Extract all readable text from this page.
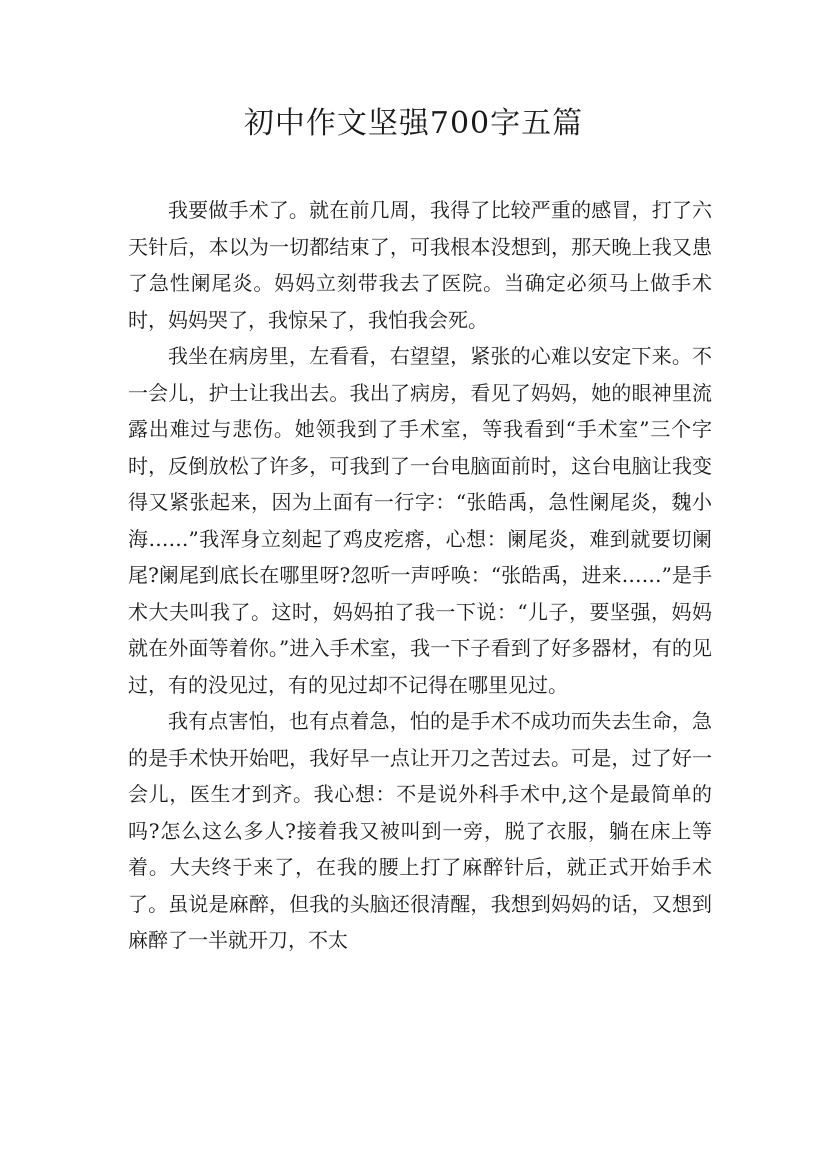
初中作文坚强700字五篇

我要做手术了。就在前几周，我得了比较严重的感冒，打了六天针后，本以为一切都结束了，可我根本没想到，那天晚上我又患了急性阑尾炎。妈妈立刻带我去了医院。当确定必须马上做手术时，妈妈哭了，我惊呆了，我怕我会死。

我坐在病房里，左看看，右望望，紧张的心难以安定下来。不一会儿，护士让我出去。我出了病房，看见了妈妈，她的眼神里流露出难过与悲伤。她领我到了手术室，等我看到“手术室”三个字时，反倒放松了许多，可我到了一台电脑面前时，这台电脑让我变得又紧张起来，因为上面有一行字：“张皓禹，急性阑尾炎，魏小海……”我浑身立刻起了鸡皮疙瘩，心想：阑尾炎，难到就要切阑尾?阑尾到底长在哪里呀?忽听一声呼唤：“张皓禹，进来……”是手术大夫叫我了。这时，妈妈拍了我一下说：“儿子，要坚强，妈妈就在外面等着你。”进入手术室，我一下子看到了好多器材，有的见过，有的没见过，有的见过却不记得在哪里见过。

我有点害怕，也有点着急，怕的是手术不成功而失去生命，急的是手术快开始吧，我好早一点让开刀之苦过去。可是，过了好一会儿，医生才到齐。我心想：不是说外科手术中,这个是最简单的吗?怎么这么多人?接着我又被叫到一旁，脱了衣服，躺在床上等着。大夫终于来了，在我的腰上打了麻醉针后，就正式开始手术了。虽说是麻醉，但我的头脑还很清醒，我想到妈妈的话，又想到麻醉了一半就开刀，不太
